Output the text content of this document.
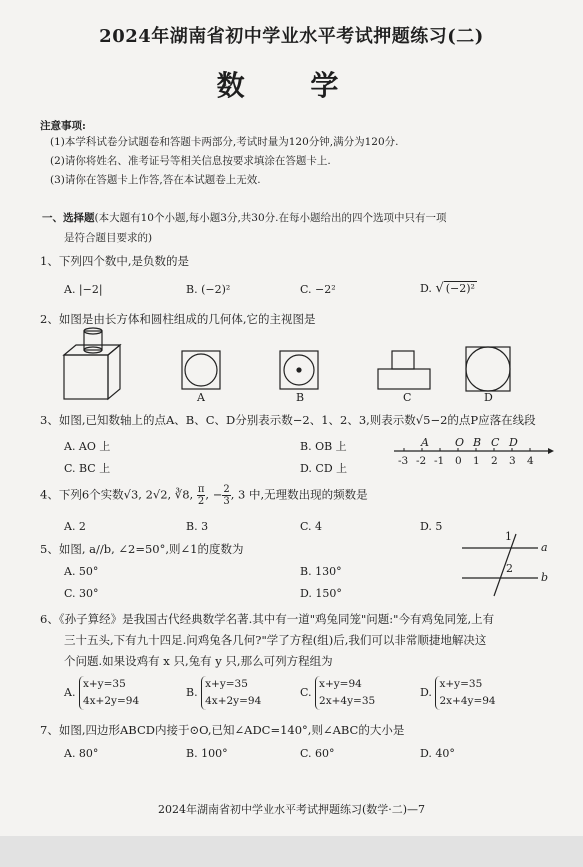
2024年湖南省初中学业水平考试押题练习(二)
数 学
注意事项:
(1)本学科试卷分试题卷和答题卡两部分,考试时量为120分钟,满分为120分.
(2)请你将姓名、准考证号等相关信息按要求填涂在答题卡上.
(3)请你在答题卡上作答,答在本试题卷上无效.
一、选择题(本大题有10个小题,每小题3分,共30分.在每小题给出的四个选项中只有一项
是符合题目要求的)
1、下列四个数中,是负数的是
A. |−2|	B. (−2)²	C. −2²	D. √ (−2)²
2、如图是由长方体和圆柱组成的几何体,它的主视图是
A	B	C	D
3、如图,已知数轴上的点A、B、C、D分别表示数−2、1、2、3,则表示数√5−2的点P应落在线段
A. AO 上	B. OB 上
C. BC 上	D. CD 上
A O B C D
-3 -2 -1 0 1 2 3 4
4、下列6个实数√3, 2√2, ∛8, $\frac{\pi}{2}$ , − $\frac{2}{3}$ , 3 中,无理数出现的频数是
A. 2	B. 3	C. 4	D. 5
5、如图, a//b, ∠2=50°,则∠1的度数为
A. 50°	B. 130°
C. 30°	D. 150°
1
2
a
b
6、《孙子算经》是我国古代经典数学名著.其中有一道"鸡兔同笼"问题:"今有鸡兔同笼,上有
三十五头,下有九十四足.问鸡兔各几何?"学了方程(组)后,我们可以非常顺捷地解决这
个问题.如果设鸡有 x 只,兔有 y 只,那么可列方程组为
A. x+y=35
4x+2y=94
B. x+y=35
4x+2y=94
C. x+y=94
2x+4y=35
D. x+y=35
2x+4y=94
7、如图,四边形ABCD内接于⊙O,已知∠ADC=140°,则∠ABC的大小是
A. 80°	B. 100°	C. 60°	D. 40°
2024年湖南省初中学业水平考试押题练习(数学·二)—7
